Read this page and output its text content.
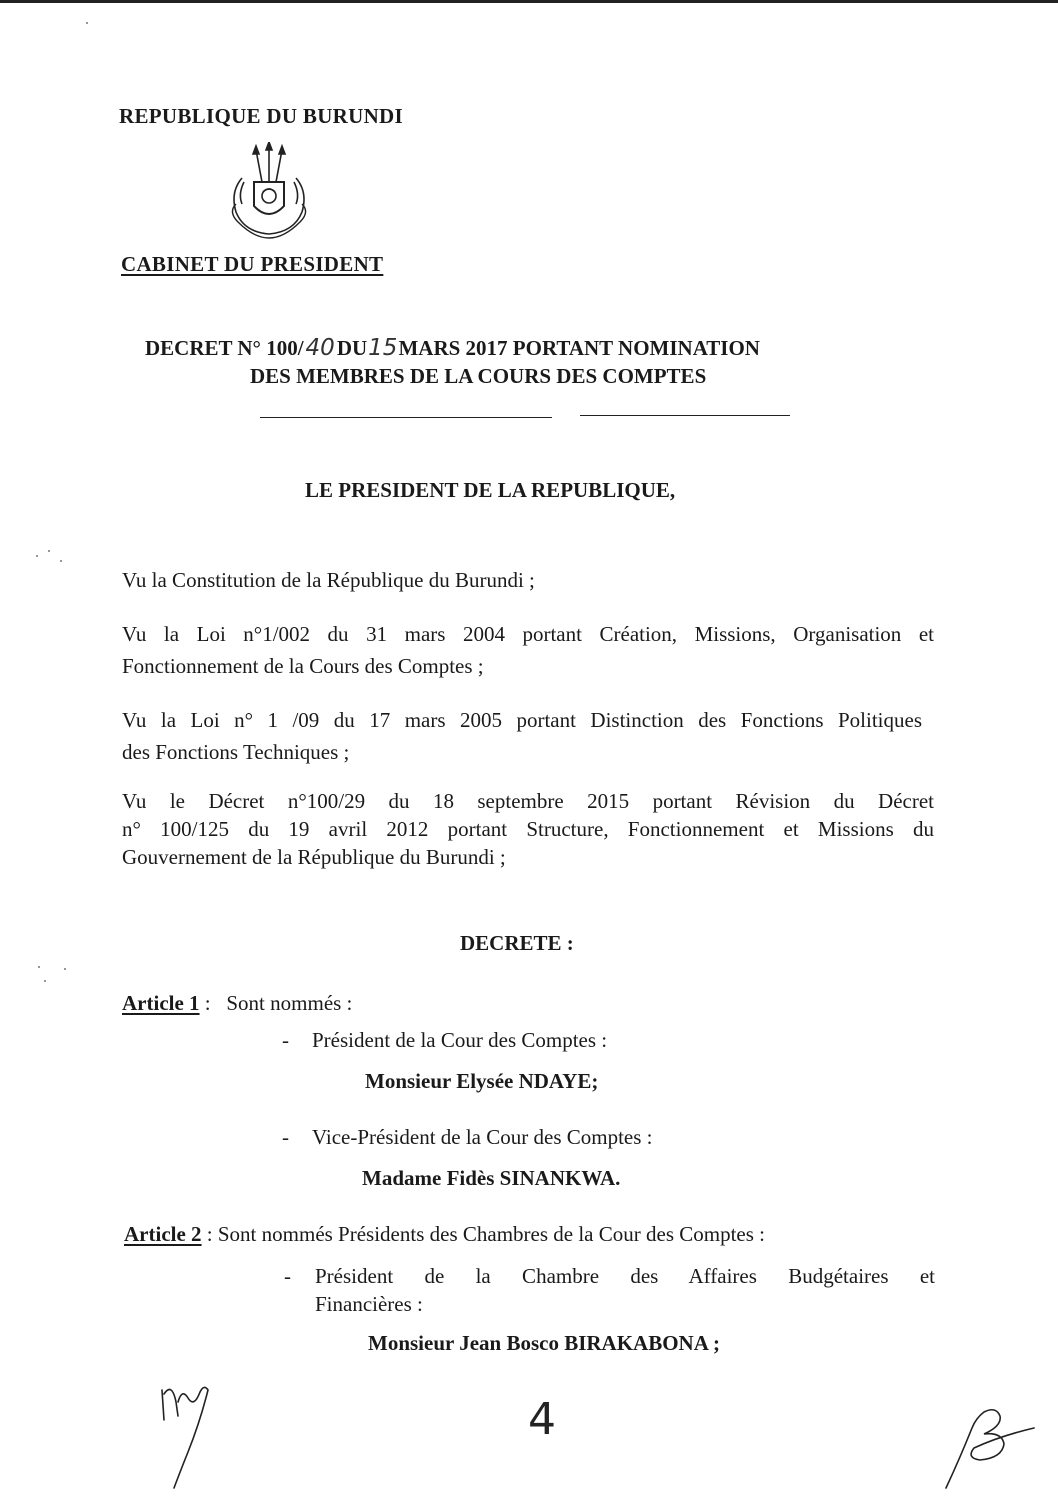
REPUBLIQUE DU BURUNDI
CABINET DU PRESIDENT
DECRET N° 100/40DU15MARS 2017 PORTANT NOMINATION
DES MEMBRES DE LA COURS DES COMPTES
LE PRESIDENT DE LA REPUBLIQUE,
Vu la Constitution de la République du Burundi ;
Vu la Loi n°1/002 du 31 mars 2004 portant Création, Missions, Organisation et
Fonctionnement de la Cours des Comptes ;
Vu la Loi n° 1 /09 du 17 mars 2005 portant Distinction des Fonctions Politiques
des Fonctions Techniques ;
Vu le Décret n°100/29 du 18 septembre 2015 portant Révision du Décret
n° 100/125 du 19 avril 2012 portant Structure, Fonctionnement et Missions du
Gouvernement de la République du Burundi ;
DECRETE :
Article 1 :   Sont nommés :
- Président de la Cour des Comptes :
Monsieur Elysée NDAYE;
- Vice-Président de la Cour des Comptes :
Madame Fidès SINANKWA.
Article 2 : Sont nommés Présidents des Chambres de la Cour des Comptes :
- Président de la Chambre des Affaires Budgétaires et
Financières :
Monsieur Jean Bosco BIRAKABONA ;
4
